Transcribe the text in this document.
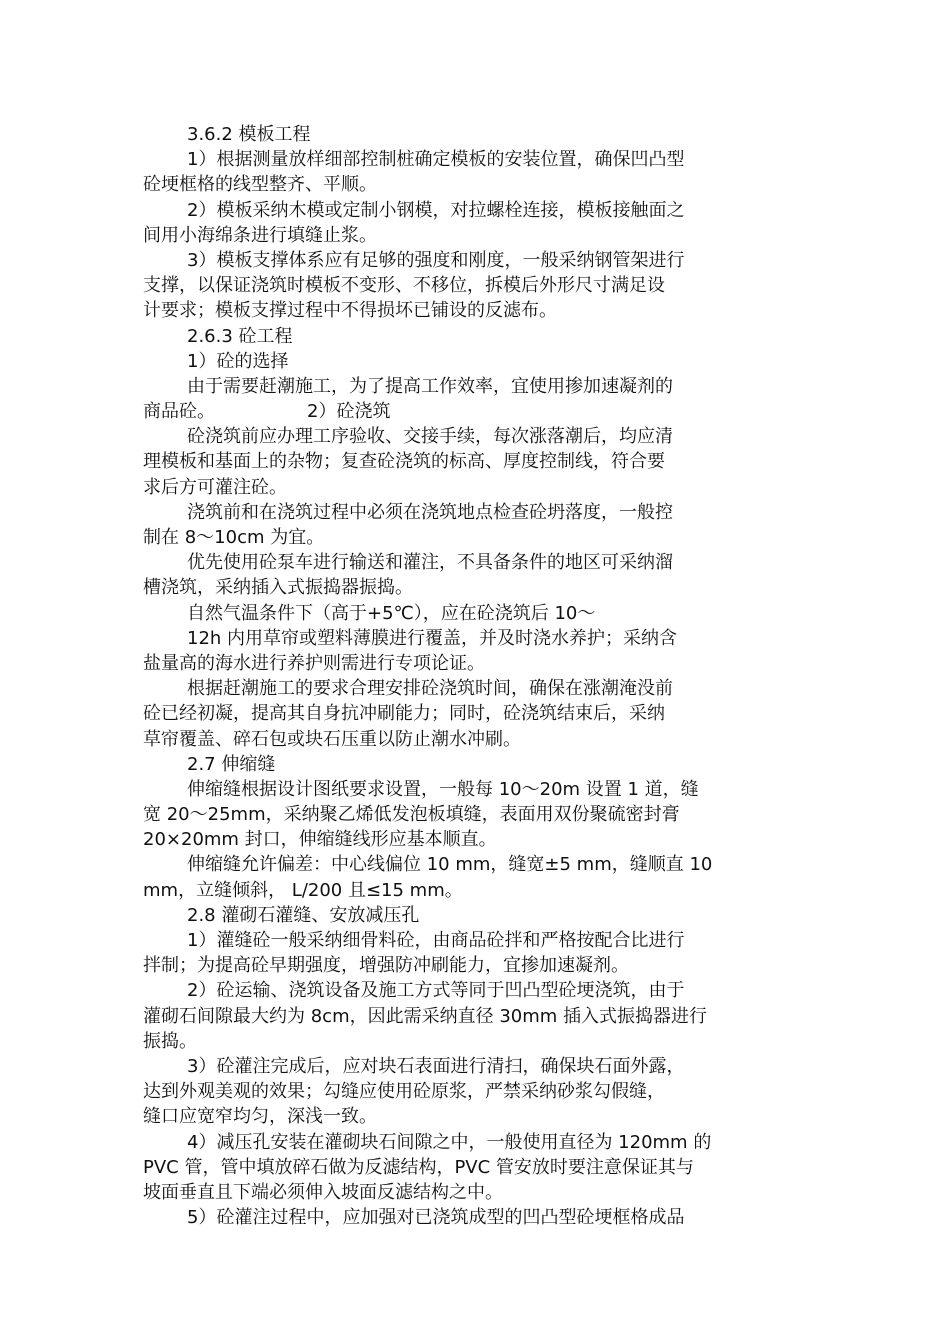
3.6.2 模板工程
1）根据测量放样细部控制桩确定模板的安装位置，确保凹凸型
砼埂框格的线型整齐、平顺。
2）模板采纳木模或定制小钢模，对拉螺栓连接，模板接触面之
间用小海绵条进行填缝止浆。
3）模板支撑体系应有足够的强度和刚度，一般采纳钢管架进行
支撑，以保证浇筑时模板不变形、不移位，拆模后外形尺寸满足设
计要求；模板支撑过程中不得损坏已铺设的反滤布。
2.6.3 砼工程
1）砼的选择
由于需要赶潮施工，为了提高工作效率，宜使用掺加速凝剂的
商品砼。	2）砼浇筑
砼浇筑前应办理工序验收、交接手续，每次涨落潮后，均应清
理模板和基面上的杂物；复查砼浇筑的标高、厚度控制线，符合要
求后方可灌注砼。
浇筑前和在浇筑过程中必须在浇筑地点检查砼坍落度，一般控
制在 8～10cm 为宜。
优先使用砼泵车进行输送和灌注，不具备条件的地区可采纳溜
槽浇筑，采纳插入式振捣器振捣。
自然气温条件下（高于+5℃），应在砼浇筑后 10～
12h 内用草帘或塑料薄膜进行覆盖，并及时浇水养护；采纳含
盐量高的海水进行养护则需进行专项论证。
根据赶潮施工的要求合理安排砼浇筑时间，确保在涨潮淹没前
砼已经初凝，提高其自身抗冲刷能力；同时，砼浇筑结束后，采纳
草帘覆盖、碎石包或块石压重以防止潮水冲刷。
2.7 伸缩缝
伸缩缝根据设计图纸要求设置，一般每 10～20m 设置 1 道，缝
宽 20～25mm，采纳聚乙烯低发泡板填缝，表面用双份聚硫密封膏
20×20mm 封口，伸缩缝线形应基本顺直。
伸缩缝允许偏差：中心线偏位 10 mm，缝宽±5 mm，缝顺直 10
mm，立缝倾斜， L/200 且≤15 mm。
2.8 灌砌石灌缝、安放减压孔
1）灌缝砼一般采纳细骨料砼，由商品砼拌和严格按配合比进行
拌制；为提高砼早期强度，增强防冲刷能力，宜掺加速凝剂。
2）砼运输、浇筑设备及施工方式等同于凹凸型砼埂浇筑，由于
灌砌石间隙最大约为 8cm，因此需采纳直径 30mm 插入式振捣器进行
振捣。
3）砼灌注完成后，应对块石表面进行清扫，确保块石面外露，
达到外观美观的效果；勾缝应使用砼原浆，严禁采纳砂浆勾假缝，
缝口应宽窄均匀，深浅一致。
4）减压孔安装在灌砌块石间隙之中，一般使用直径为 120mm 的
PVC 管，管中填放碎石做为反滤结构，PVC 管安放时要注意保证其与
坡面垂直且下端必须伸入坡面反滤结构之中。
5）砼灌注过程中，应加强对已浇筑成型的凹凸型砼埂框格成品
